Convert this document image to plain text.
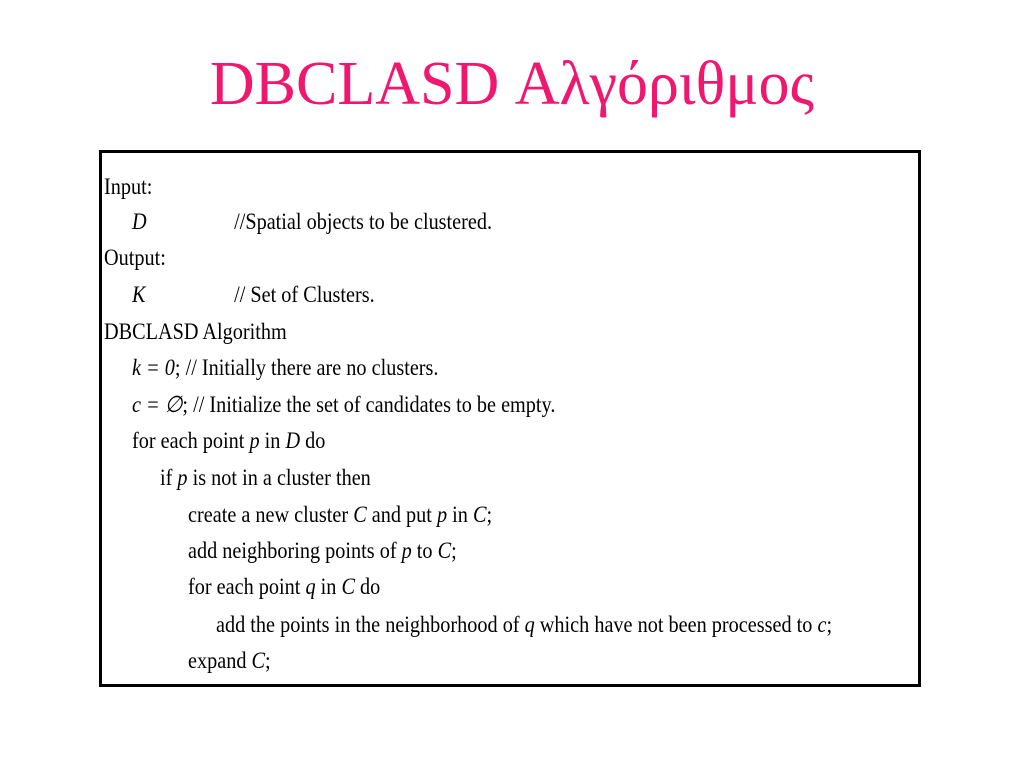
DBCLASD Αλγόριθμος
Input:
D	//Spatial objects to be clustered.
Output:
K	// Set of Clusters.
DBCLASD Algorithm
k = 0; // Initially there are no clusters.
c = ∅; // Initialize the set of candidates to be empty.
for each point p in D do
if p is not in a cluster then
create a new cluster C and put p in C;
add neighboring points of p to C;
for each point q in C do
add the points in the neighborhood of q which have not been processed to c;
expand C;
